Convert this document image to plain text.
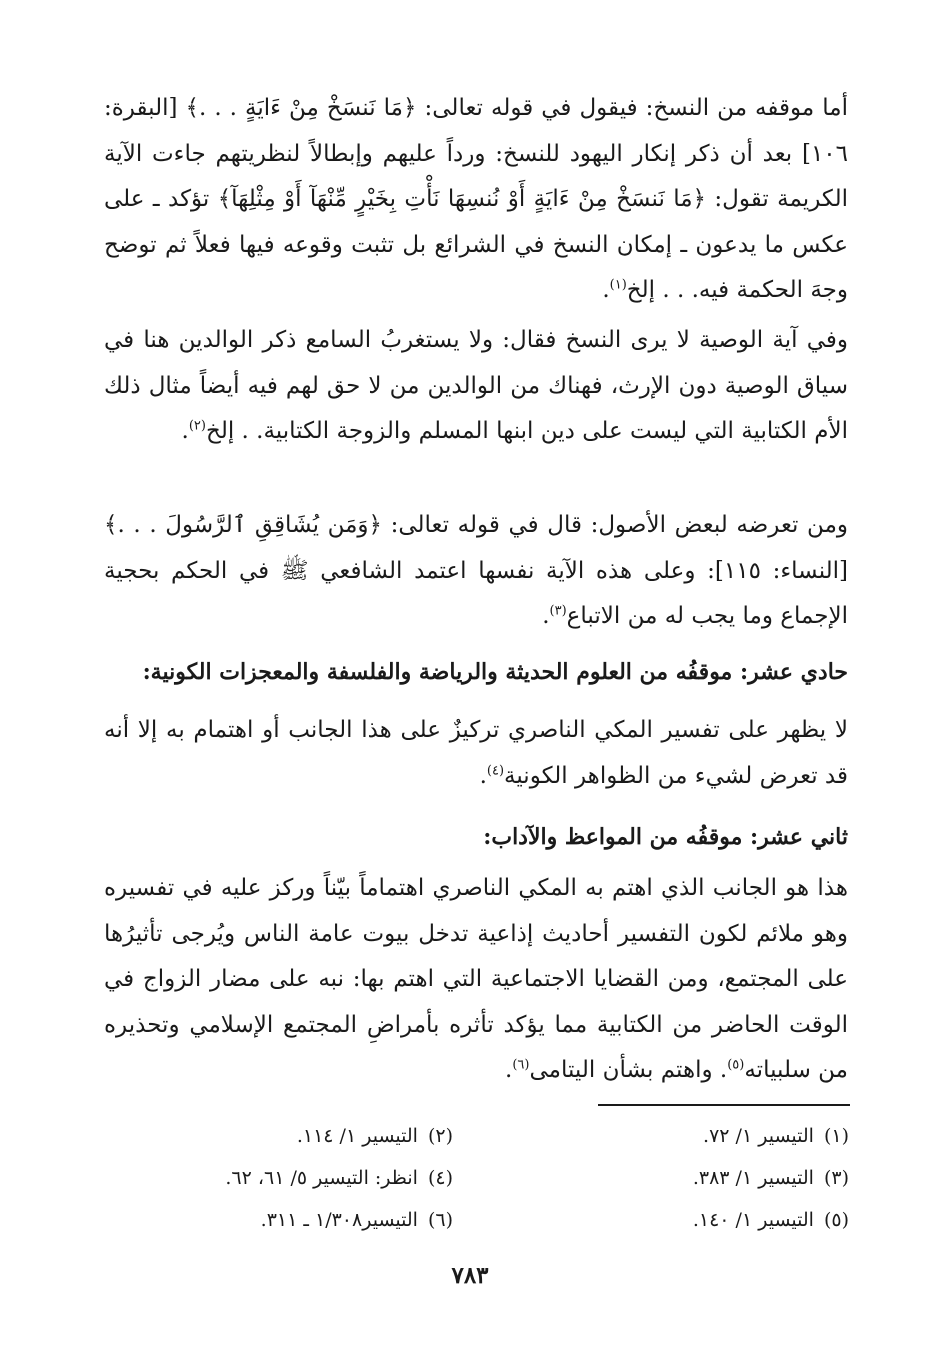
أما موقفه من النسخ: فيقول في قوله تعالى: ﴿مَا نَنسَخْ مِنْ ءَايَةٍ . . .﴾ [البقرة: ١٠٦] بعد أن ذكر إنكار اليهود للنسخ: ورداً عليهم وإبطالاً لنظريتهم جاءت الآية الكريمة تقول: ﴿مَا نَنسَخْ مِنْ ءَايَةٍ أَوْ نُنسِهَا نَأْتِ بِخَيْرٍ مِّنْهَآ أَوْ مِثْلِهَآ﴾ تؤكد ـ على عكس ما يدعون ـ إمكان النسخ في الشرائع بل تثبت وقوعه فيها فعلاً ثم توضح وجهَ الحكمة فيه. . . إلخ$^{(١)}$.
وفي آية الوصية لا يرى النسخ فقال: ولا يستغربُ السامع ذكر الوالدين هنا في سياق الوصية دون الإرث، فهناك من الوالدين من لا حق لهم فيه أيضاً مثال ذلك الأم الكتابية التي ليست على دين ابنها المسلم والزوجة الكتابية. . إلخ$^{(٢)}$.
ومن تعرضه لبعض الأصول: قال في قوله تعالى: ﴿وَمَن يُشَاقِقِ ٱلرَّسُولَ . . .﴾ [النساء: ١١٥]: وعلى هذه الآية نفسها اعتمد الشافعي ﷺ في الحكم بحجية الإجماع وما يجب له من الاتباع$^{(٣)}$.
حادي عشر: موقفُه من العلوم الحديثة والرياضة والفلسفة والمعجزات الكونية:
لا يظهر على تفسير المكي الناصري تركيزٌ على هذا الجانب أو اهتمام به إلا أنه قد تعرض لشيء من الظواهر الكونية$^{(٤)}$.
ثاني عشر: موقفُه من المواعظ والآداب:
هذا هو الجانب الذي اهتم به المكي الناصري اهتماماً بيّناً وركز عليه في تفسيره وهو ملائم لكون التفسير أحاديث إذاعية تدخل بيوت عامة الناس ويُرجى تأثيرُها على المجتمع، ومن القضايا الاجتماعية التي اهتم بها: نبه على مضار الزواج في الوقت الحاضر من الكتابية مما يؤكد تأثره بأمراضِ المجتمع الإسلامي وتحذيره من سلبياته$^{(٥)}$. واهتم بشأن اليتامى$^{(٦)}$.
(١)التيسير ١/ ٧٢.
(٢)التيسير ١/ ١١٤.
(٣)التيسير ١/ ٣٨٣.
(٤)انظر: التيسير ٥/ ٦١، ٦٢.
(٥)التيسير ١/ ١٤٠.
(٦)التيسير١/٣٠٨ ـ ٣١١.
٧٨٣
